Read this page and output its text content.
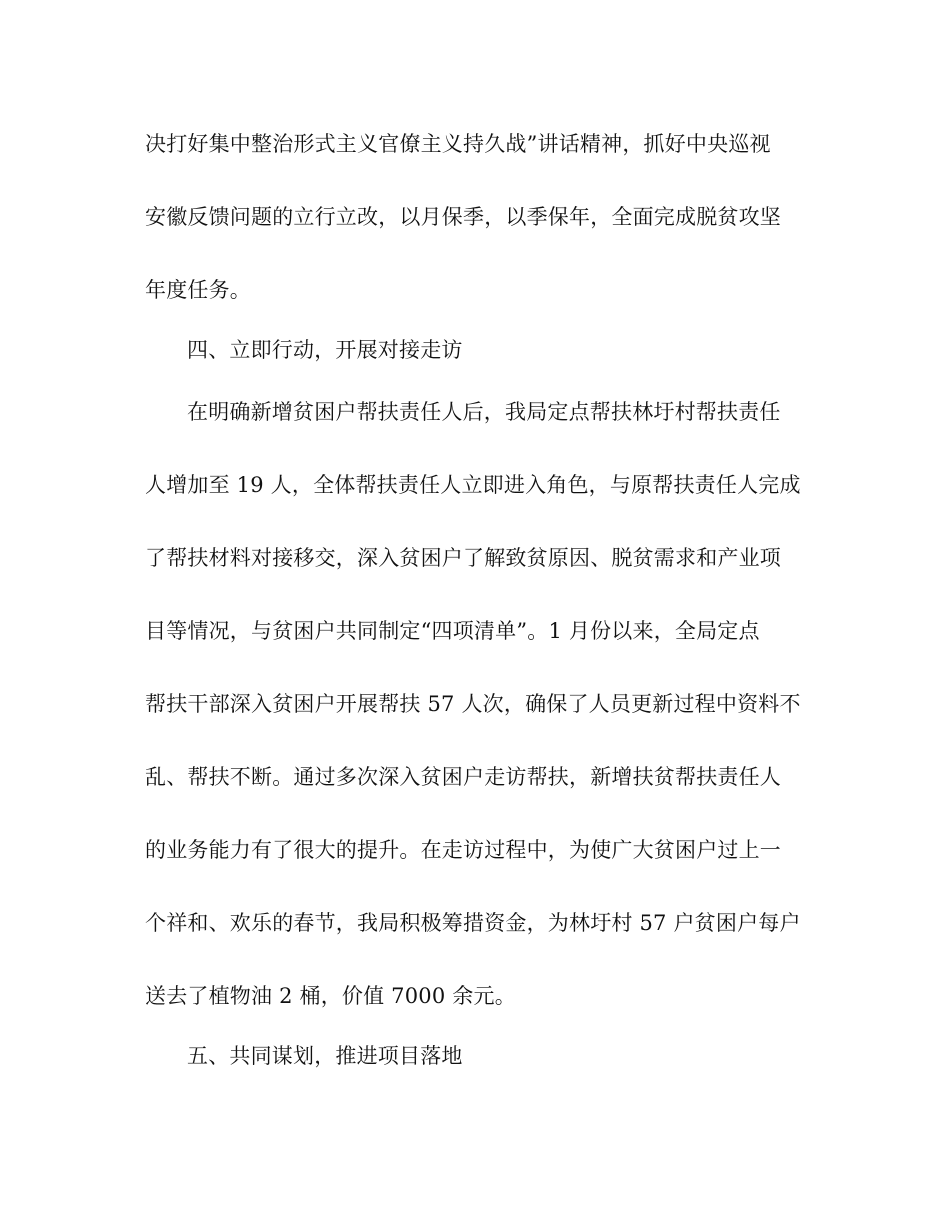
决打好集中整治形式主义官僚主义持久战”讲话精神，抓好中央巡视
安徽反馈问题的立行立改，以月保季，以季保年，全面完成脱贫攻坚
年度任务。
四、立即行动，开展对接走访
在明确新增贫困户帮扶责任人后，我局定点帮扶林圩村帮扶责任
人增加至 19 人，全体帮扶责任人立即进入角色，与原帮扶责任人完成
了帮扶材料对接移交，深入贫困户了解致贫原因、脱贫需求和产业项
目等情况，与贫困户共同制定“四项清单”。1 月份以来，全局定点
帮扶干部深入贫困户开展帮扶 57 人次，确保了人员更新过程中资料不
乱、帮扶不断。通过多次深入贫困户走访帮扶，新增扶贫帮扶责任人
的业务能力有了很大的提升。在走访过程中，为使广大贫困户过上一
个祥和、欢乐的春节，我局积极筹措资金，为林圩村 57 户贫困户每户
送去了植物油 2 桶，价值 7000 余元。
五、共同谋划，推进项目落地
